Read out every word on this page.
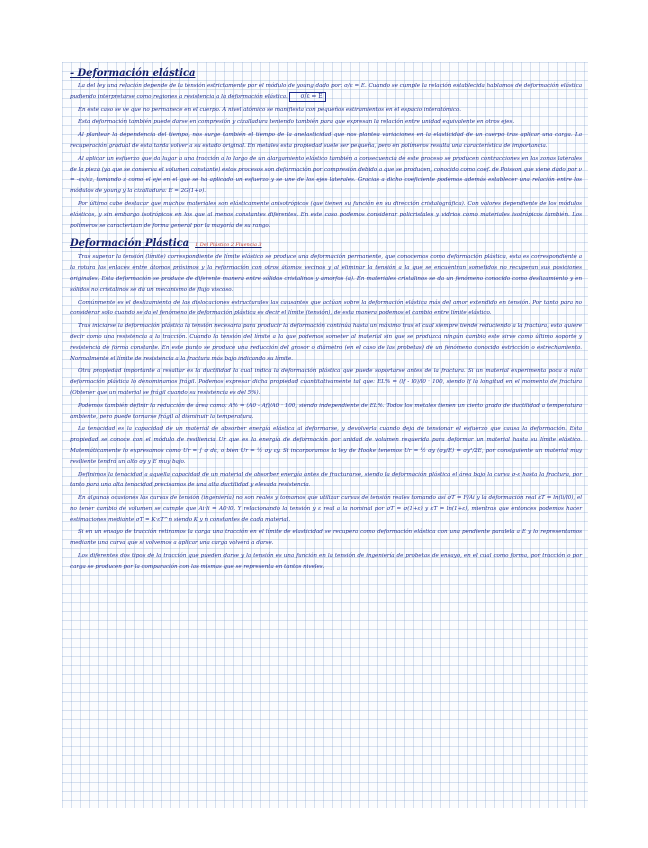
- Deformación elástica

La del ley una relación depende de la tensión estrictamente por el módulo de young dado por: σ/ε = E. Cuando se cumple la relación establecida hablamos de deformación elástica pudiendo interpretarse como regiones a resistencia a la deformación elástica. σ/ε = E

En este caso se ve que no permanece en el cuerpo. A nivel atómico se manifiesta con pequeños estiramientos en el espacio interatómico.

Esta deformación también puede darse en compresión y cizalladura teniendo también para que expresan la relación entre unidad equivalente en otros ejes.

Al plantear la dependencia del tiempo, nos surge también el tiempo de la anelasticidad que nos plantea variaciones en la elasticidad de un cuerpo tras aplicar una carga. La recuperación gradual de esta tarda volver a su estado original. En metales esta propiedad suele ser pequeña, pero en polímeros resulta una característica de importancia.

Al aplicar un esfuerzo que da lugar a una tracción a lo largo de un alargamiento elástico también a consecuencia de este proceso se producen contracciones en las zonas laterales de la pieza (ya que se conserva el volumen constante) estos procesos son deformación por compresión debido a que se producen, conocido como coef. de Poisson que viene dado por ν = -εx/εz, tomando z como el eje en el que se ha aplicado un esfuerzo y se une de los ejes laterales. Gracias a dicho coeficiente podemos además establecer una relación entre los módulos de young y la cizalladura: E = 2G(1+ν).

Por último cabe destacar que muchos materiales son elásticamente anisotrópicos (que tienen su función en su dirección cristalográfica). Con valores dependiente de los módulos elásticos, y sin embargo isotrópicos en los que al menos constantes diferentes. En este caso podemos considerar policristales y vidrios como materiales isotrópicos también. Los polímeros se caracterizan de forma general por la mayoría de su rango.

Deformación Plástica 1 Del Plástico 2 Fluencia 3

Tras superar la tensión (límite) correspondiente de límite elástico se produce una deformación permanente, que conocemos como deformación plástica, esta es correspondiente a la rotura las enlaces entre átomos próximos y la reformación con otros átomos vecinos y al eliminar la tensión a la que se encuentran sometidos no recuperan sus posiciones originales. Esta deformación se produce de diferente manera entre sólidos cristalinos y amorfos (a). En materiales cristalinos se da un fenómeno conocido como deslizamiento y en sólidos no cristalinos se da un mecanismo de flujo viscoso.

Comúnmente es el deslizamiento de las dislocaciones estructurales las causantes que actúan sobre la deformación elástica más del amor extendido en tensión. Por tanto para no considerar solo cuando se da el fenómeno de deformación plástica es decir el límite (tensión), de esta manera podemos el cambio entre límite elástico.

Tras iniciarse la deformación plástica la tensión necesaria para producir la deformación continúa hasta un máximo tras el cual siempre tiende reduciendo a la fractura, esto quiere decir como una resistencia a la tracción. Cuando la tensión del límite a la que podemos someter al material sin que se produzca ningún cambio este sirve como último soporte y resistencia de forma constante. En este punto se produce una reducción del grosor o diámetro (en el caso de las probetas) de un fenómeno conocido estricción o estrechamiento. Normalmente el límite de resistencia a la fractura más bajo indicando su límite.

Otra propiedad importante a resaltar es la ductilidad la cual indica la deformación plástica que puede soportarse antes de la fractura. Si un material experimenta poca o nula deformación plástica lo denominamos frágil. Podemos expresar dicha propiedad cuantitativamente tal que: EL% = (lf - l0)/l0 · 100, siendo lf la longitud en el momento de fractura (Obtener que un material se frágil cuando su resistencia es del 5%).

Podemos también definir la reducción de área como: A% = (A0 - Af)/A0 · 100, siendo independiente de EL%. Todos los metales tienen un cierto grado de ductilidad a temperatura ambiente, pero puede tornarse frágil al disminuir la temperatura.

La tenacidad es la capacidad de un material de absorber energía elástica al deformarse, y devolverla cuando deja de tensionar el esfuerzo que causa la deformación. Esta propiedad se conoce con el módulo de resiliencia Ur que es la energía de deformación por unidad de volumen requerida para deformar un material hasta su límite elástico. Matemáticamente lo expresamos como Ur = ∫ σ dε, o bien Ur = ½ σy εy. Si incorporamos la ley de Hooke tenemos Ur = ½ σy (σy/E) = σy²/2E, por consiguiente un material muy resiliente tendrá un alto σy y E muy bajo.

Definimos la tenacidad a aquella capacidad de un material de absorber energía antes de fracturarse, siendo la deformación plástica el área bajo la curva σ-ε hasta la fractura, por tanto para una alta tenacidad precisamos de una alta ductilidad y elevada resistencia.

En algunas ocasiones las curvas de tensión (ingeniería) no son reales y tomamos que utilizar curvas de tensión reales tomando así σT = F/Ai y la deformación real εT = ln(li/l0), el no tener cambio de volumen se cumple que Ai·li = A0·l0. Y relacionando la tensión y ε real a la nominal por σT = σ(1+ε) y εT = ln(1+ε), mientras que entonces podemos hacer estimaciones mediante σT = K·εT^n siendo K y n constantes de cada material.

Si en un ensayo de tracción retiramos la carga una tracción en el límite de elasticidad se recupera como deformación elástica con una pendiente paralela a E y lo representamos mediante una curva que si volvemos a aplicar una carga volverá a darse.

Los diferentes dos tipos de la tracción que pueden darse y la tensión es una función en la tensión de ingeniería de probetas de ensayo, en el cual como forma, por tracción o por carga se producen por la comparación con las mismas que se representa en tantos niveles.
